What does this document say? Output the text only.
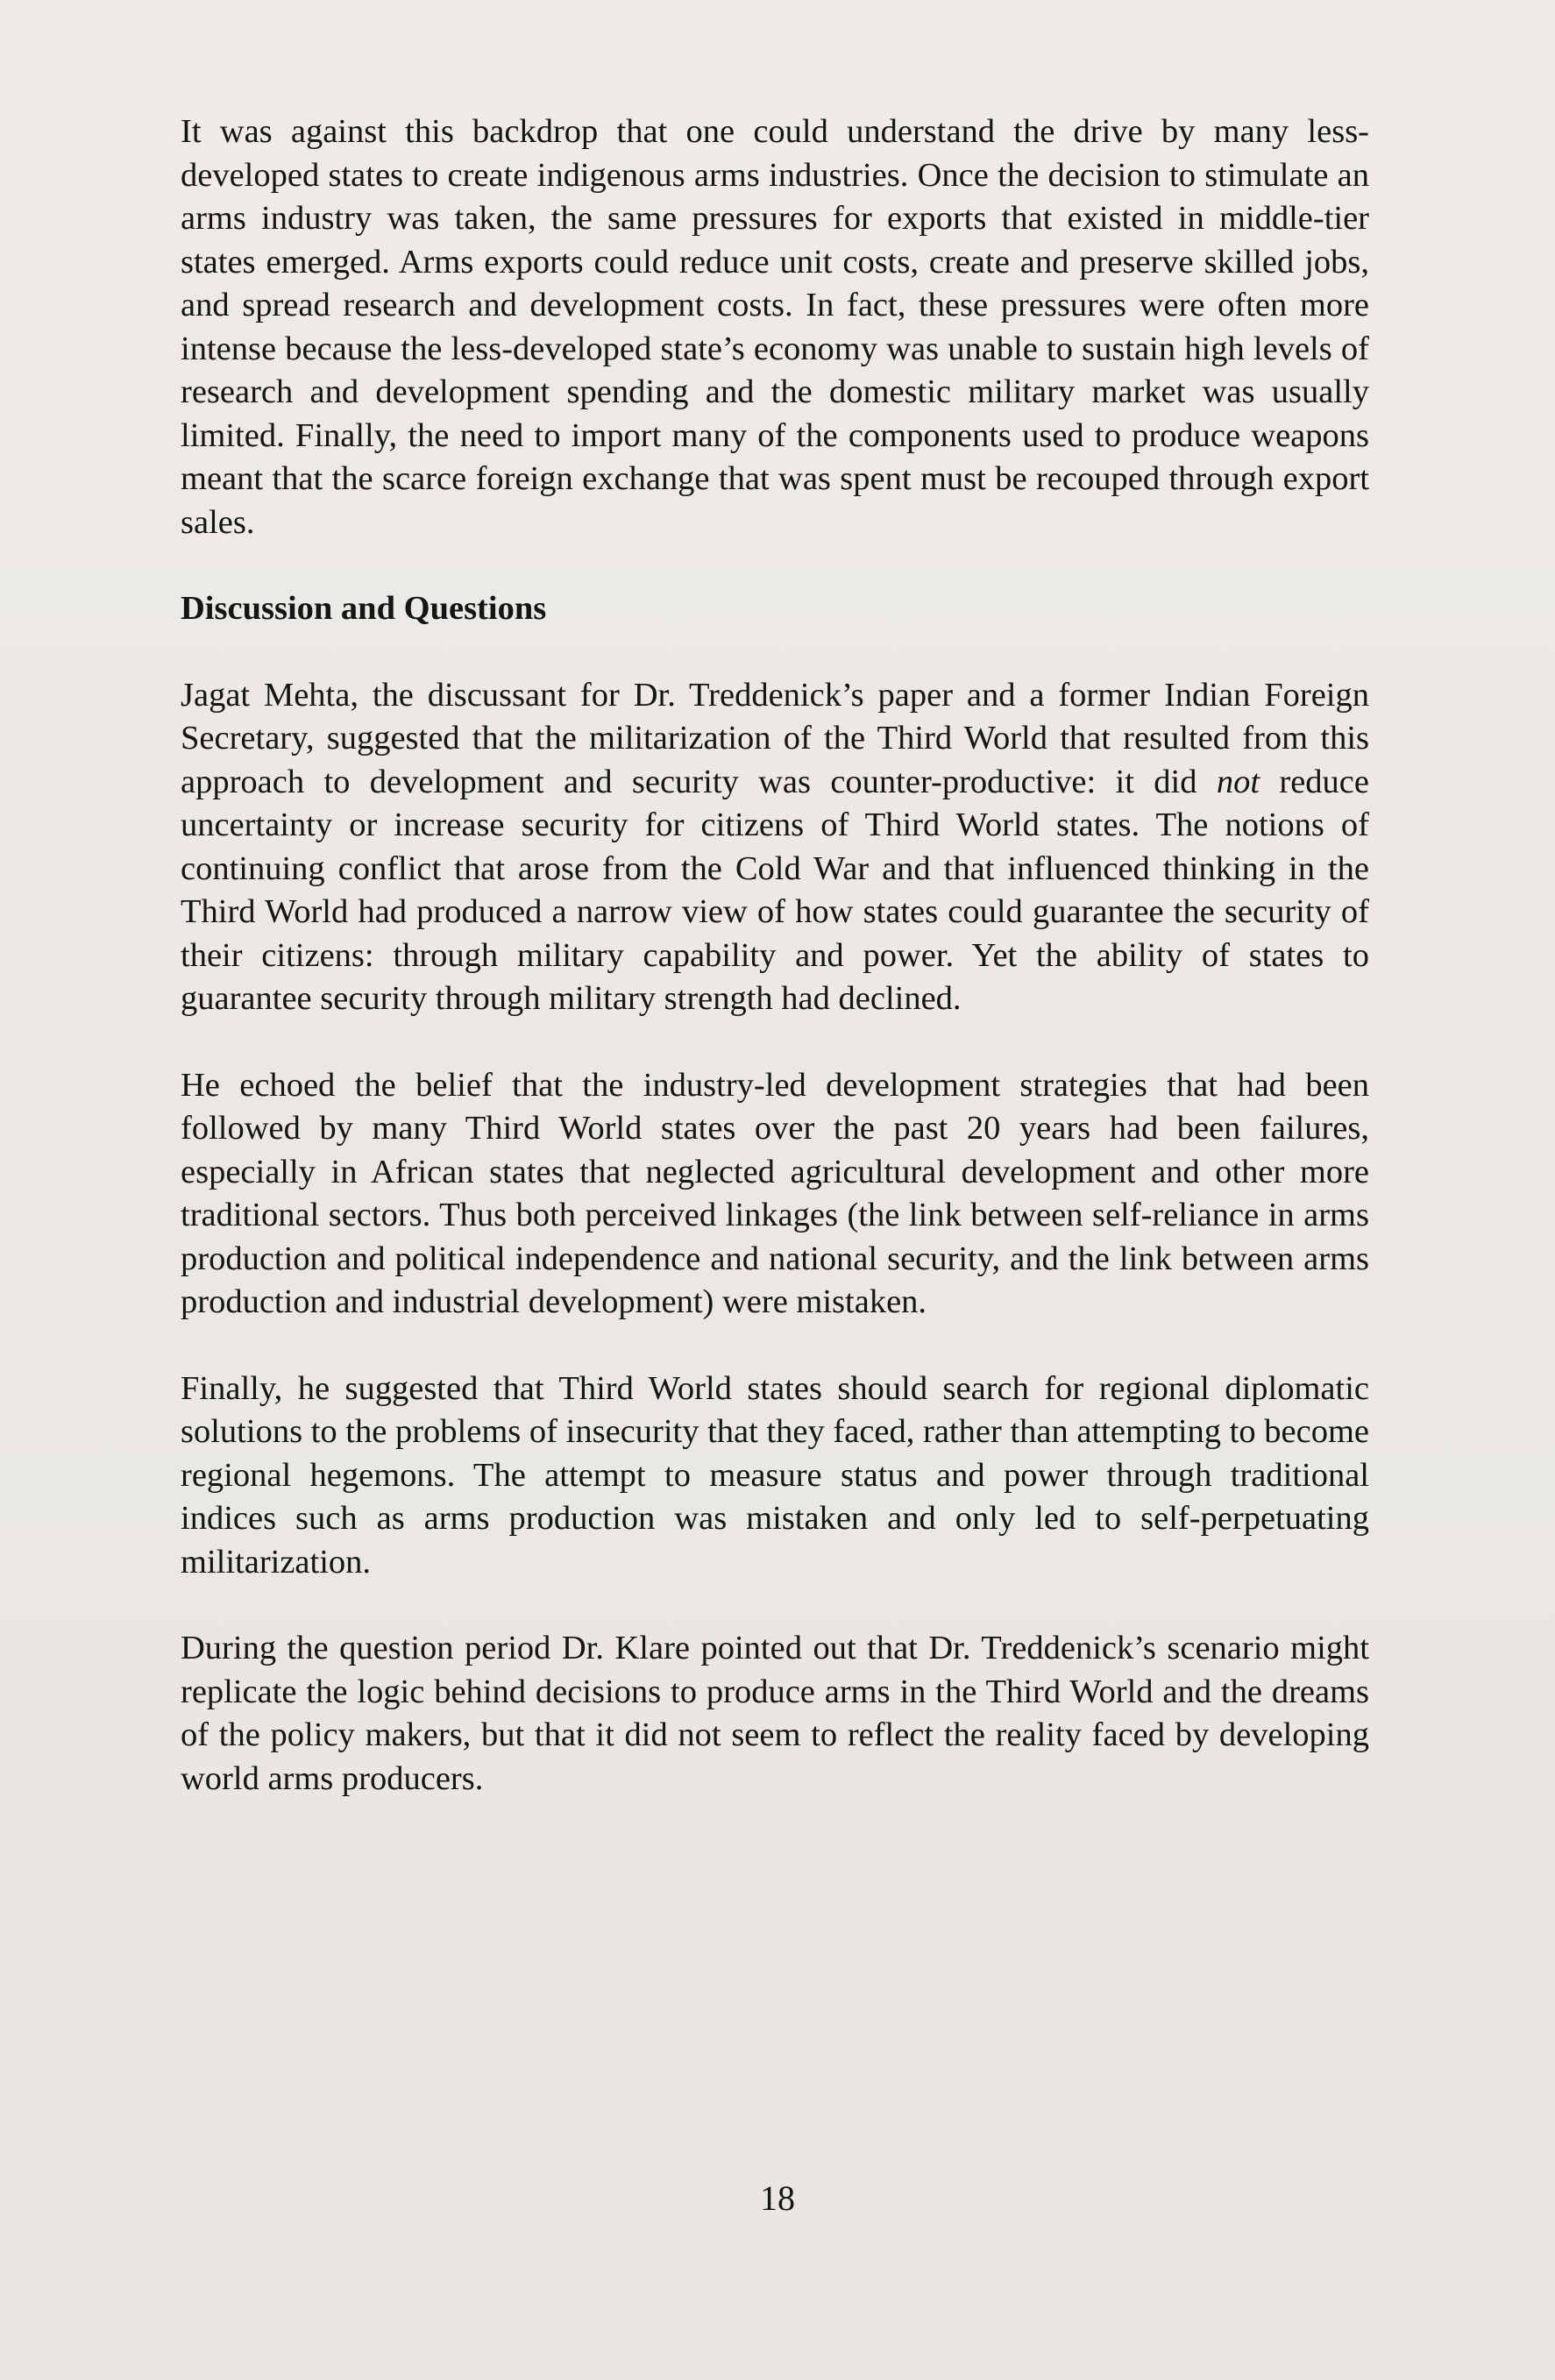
It was against this backdrop that one could understand the drive by many less-developed states to create indigenous arms industries. Once the decision to stimulate an arms industry was taken, the same pressures for exports that existed in middle-tier states emerged. Arms exports could reduce unit costs, create and preserve skilled jobs, and spread research and development costs. In fact, these pressures were often more intense because the less-developed state’s economy was unable to sustain high levels of research and development spending and the domestic military market was usually limited. Finally, the need to import many of the components used to produce weapons meant that the scarce foreign exchange that was spent must be recouped through export sales.

Discussion and Questions

Jagat Mehta, the discussant for Dr. Treddenick’s paper and a former Indian Foreign Secretary, suggested that the militarization of the Third World that resulted from this approach to development and security was counter-productive: it did not reduce uncertainty or increase security for citizens of Third World states. The notions of continuing conflict that arose from the Cold War and that influenced thinking in the Third World had produced a narrow view of how states could guarantee the security of their citizens: through military capability and power. Yet the ability of states to guarantee security through military strength had declined.

He echoed the belief that the industry-led development strategies that had been followed by many Third World states over the past 20 years had been failures, especially in African states that neglected agricultural development and other more traditional sectors. Thus both perceived linkages (the link between self-reliance in arms production and political independence and national security, and the link between arms production and industrial development) were mistaken.

Finally, he suggested that Third World states should search for regional diplomatic solutions to the problems of insecurity that they faced, rather than attempting to become regional hegemons. The attempt to measure status and power through traditional indices such as arms production was mistaken and only led to self-perpetuating militarization.

During the question period Dr. Klare pointed out that Dr. Treddenick’s scenario might replicate the logic behind decisions to produce arms in the Third World and the dreams of the policy makers, but that it did not seem to reflect the reality faced by developing world arms producers.

18
